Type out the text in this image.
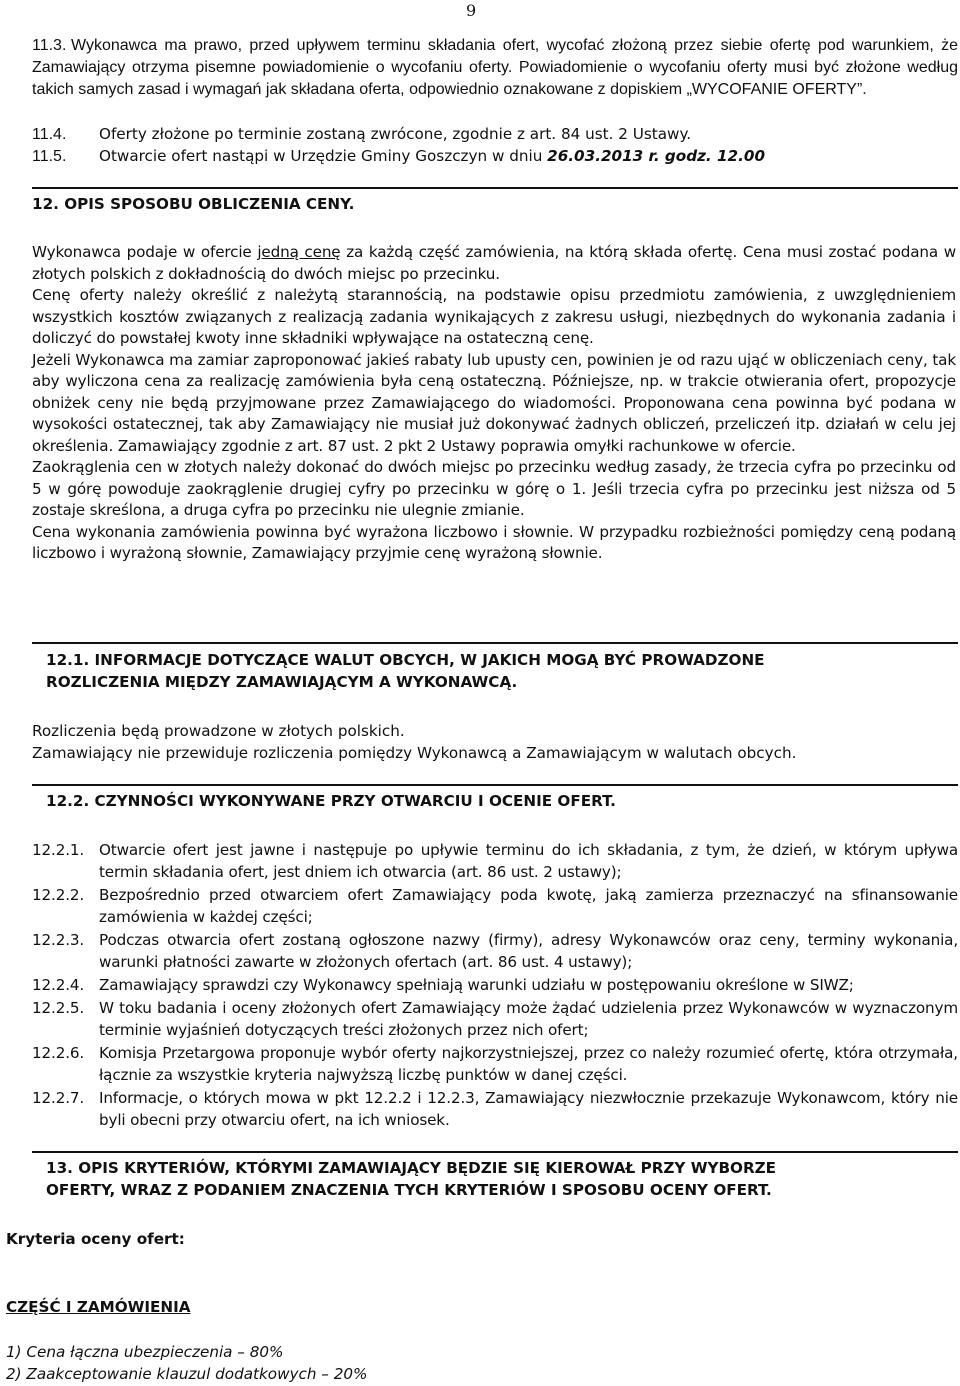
9
11.3. Wykonawca ma prawo, przed upływem terminu składania ofert, wycofać złożoną przez siebie ofertę pod warunkiem, że Zamawiający otrzyma pisemne powiadomienie o wycofaniu oferty. Powiadomienie o wycofaniu oferty musi być złożone według takich samych zasad i wymagań jak składana oferta, odpowiednio oznakowane z dopiskiem „WYCOFANIE OFERTY”.
11.4. Oferty złożone po terminie zostaną zwrócone, zgodnie z art. 84 ust. 2 Ustawy.
11.5. Otwarcie ofert nastąpi w Urzędzie Gminy Goszczyn w dniu 26.03.2013 r. godz. 12.00
12. OPIS SPOSOBU OBLICZENIA CENY.
Wykonawca podaje w ofercie jedną cenę za każdą część zamówienia, na którą składa ofertę. Cena musi zostać podana w złotych polskich z dokładnością do dwóch miejsc po przecinku.
Cenę oferty należy określić z należytą starannością, na podstawie opisu przedmiotu zamówienia, z uwzględnieniem wszystkich kosztów związanych z realizacją zadania wynikających z zakresu usługi, niezbędnych do wykonania zadania i doliczyć do powstałej kwoty inne składniki wpływające na ostateczną cenę.
Jeżeli Wykonawca ma zamiar zaproponować jakieś rabaty lub upusty cen, powinien je od razu ująć w obliczeniach ceny, tak aby wyliczona cena za realizację zamówienia była ceną ostateczną. Późniejsze, np. w trakcie otwierania ofert, propozycje obniżek ceny nie będą przyjmowane przez Zamawiającego do wiadomości. Proponowana cena powinna być podana w wysokości ostatecznej, tak aby Zamawiający nie musiał już dokonywać żadnych obliczeń, przeliczeń itp. działań w celu jej określenia. Zamawiający zgodnie z art. 87 ust. 2 pkt 2 Ustawy poprawia omyłki rachunkowe w ofercie.
Zaokrąglenia cen w złotych należy dokonać do dwóch miejsc po przecinku według zasady, że trzecia cyfra po przecinku od 5 w górę powoduje zaokrąglenie drugiej cyfry po przecinku w górę o 1. Jeśli trzecia cyfra po przecinku jest niższa od 5 zostaje skreślona, a druga cyfra po przecinku nie ulegnie zmianie.
Cena wykonania zamówienia powinna być wyrażona liczbowo i słownie. W przypadku rozbieżności pomiędzy ceną podaną liczbowo i wyrażoną słownie, Zamawiający przyjmie cenę wyrażoną słownie.
12.1. INFORMACJE DOTYCZĄCE WALUT OBCYCH, W JAKICH MOGĄ BYĆ PROWADZONE
ROZLICZENIA MIĘDZY ZAMAWIAJĄCYM A WYKONAWCĄ.
Rozliczenia będą prowadzone w złotych polskich.
Zamawiający nie przewiduje rozliczenia pomiędzy Wykonawcą a Zamawiającym w walutach obcych.
12.2. CZYNNOŚCI WYKONYWANE PRZY OTWARCIU I OCENIE OFERT.
12.2.1. Otwarcie ofert jest jawne i następuje po upływie terminu do ich składania, z tym, że dzień, w którym upływa termin składania ofert, jest dniem ich otwarcia (art. 86 ust. 2 ustawy);
12.2.2. Bezpośrednio przed otwarciem ofert Zamawiający poda kwotę, jaką zamierza przeznaczyć na sfinansowanie zamówienia w każdej części;
12.2.3. Podczas otwarcia ofert zostaną ogłoszone nazwy (firmy), adresy Wykonawców oraz ceny, terminy wykonania, warunki płatności zawarte w złożonych ofertach (art. 86 ust. 4 ustawy);
12.2.4. Zamawiający sprawdzi czy Wykonawcy spełniają warunki udziału w postępowaniu określone w SIWZ;
12.2.5. W toku badania i oceny złożonych ofert Zamawiający może żądać udzielenia przez Wykonawców w wyznaczonym terminie wyjaśnień dotyczących treści złożonych przez nich ofert;
12.2.6. Komisja Przetargowa proponuje wybór oferty najkorzystniejszej, przez co należy rozumieć ofertę, która otrzymała, łącznie za wszystkie kryteria najwyższą liczbę punktów w danej części.
12.2.7. Informacje, o których mowa w pkt 12.2.2 i 12.2.3, Zamawiający niezwłocznie przekazuje Wykonawcom, który nie byli obecni przy otwarciu ofert, na ich wniosek.
13. OPIS KRYTERIÓW, KTÓRYMI ZAMAWIAJĄCY BĘDZIE SIĘ KIEROWAŁ PRZY WYBORZE
OFERTY, WRAZ Z PODANIEM ZNACZENIA TYCH KRYTERIÓW I SPOSOBU OCENY OFERT.
Kryteria oceny ofert:
CZĘŚĆ I ZAMÓWIENIA
1) Cena łączna ubezpieczenia – 80%
2) Zaakceptowanie klauzul dodatkowych – 20%
